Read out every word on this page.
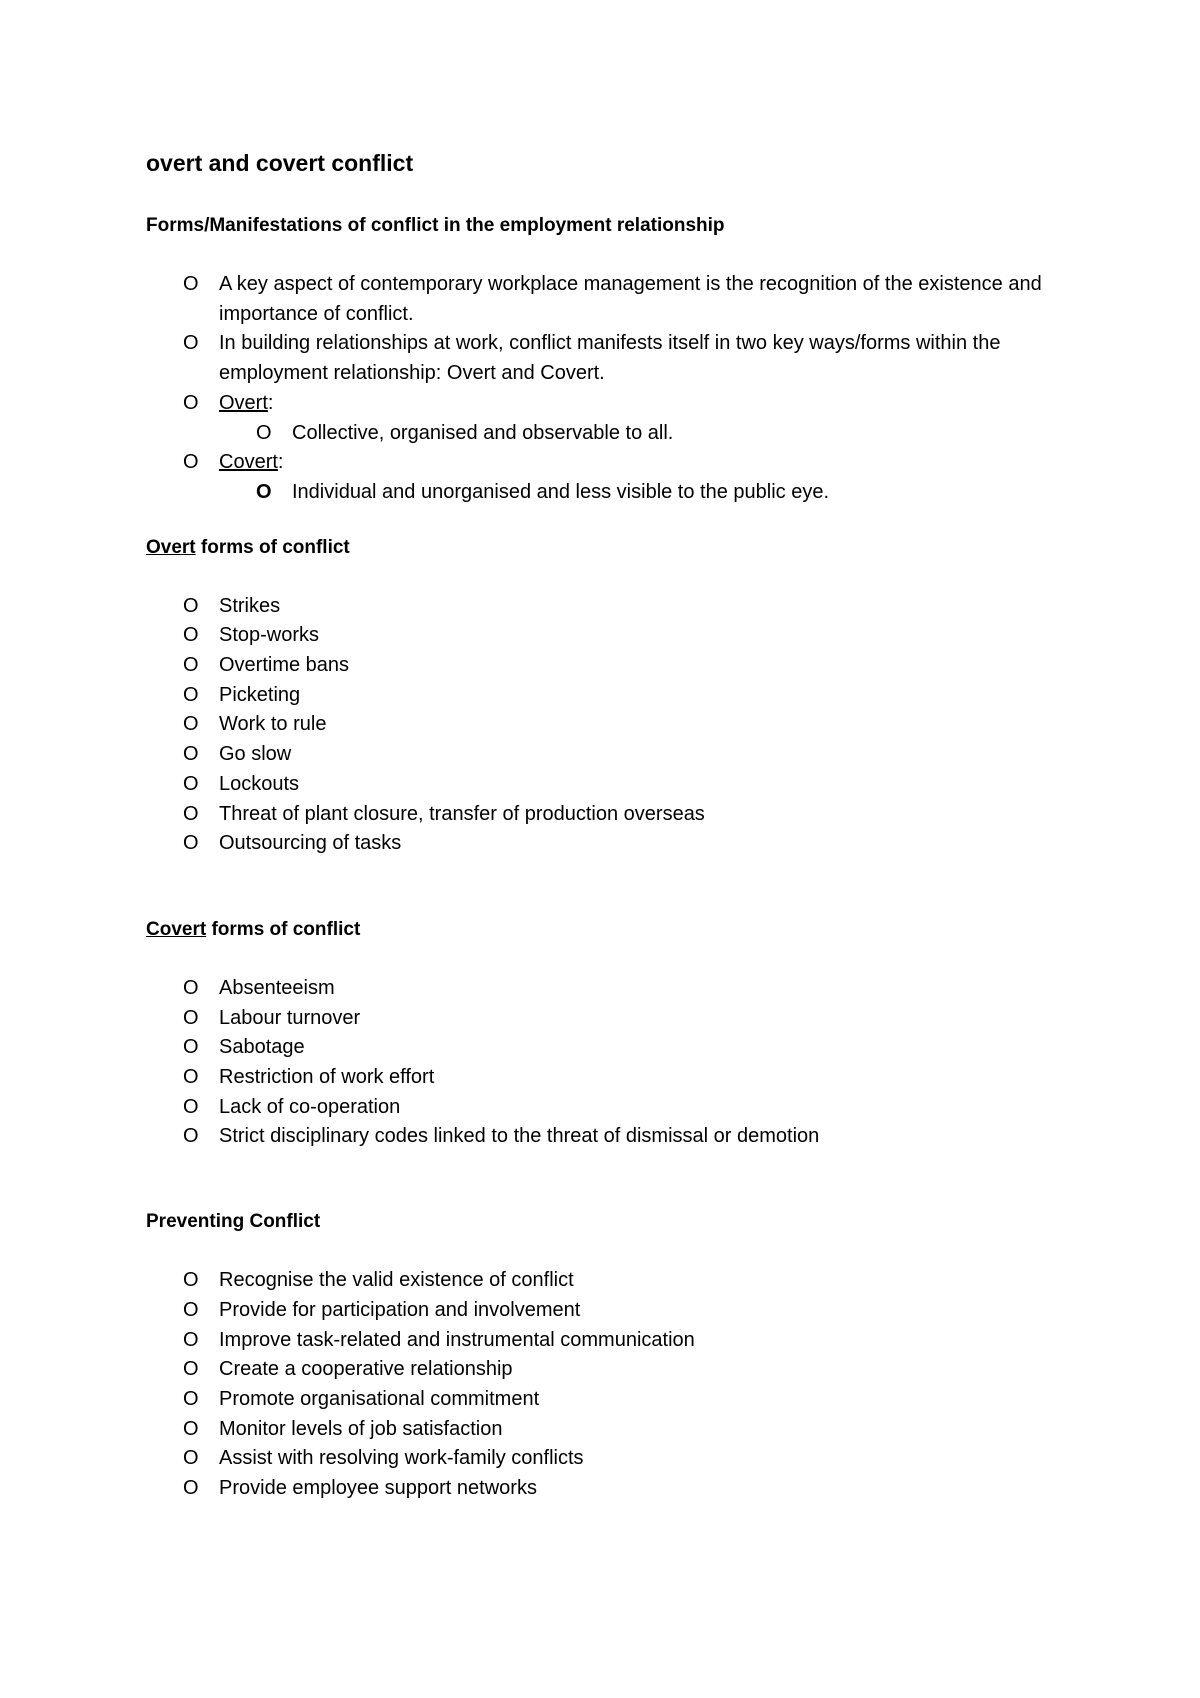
overt and covert conflict
Forms/Manifestations of conflict in the employment relationship
O A key aspect of contemporary workplace management is the recognition of the existence and importance of conflict.
O In building relationships at work, conflict manifests itself in two key ways/forms within the employment relationship: Overt and Covert.
O Overt:
O Collective, organised and observable to all.
O Covert:
O Individual and unorganised and less visible to the public eye.
Overt forms of conflict
O Strikes
O Stop-works
O Overtime bans
O Picketing
O Work to rule
O Go slow
O Lockouts
O Threat of plant closure, transfer of production overseas
O Outsourcing of tasks
Covert forms of conflict
O Absenteeism
O Labour turnover
O Sabotage
O Restriction of work effort
O Lack of co-operation
O Strict disciplinary codes linked to the threat of dismissal or demotion
Preventing Conflict
O Recognise the valid existence of conflict
O Provide for participation and involvement
O Improve task-related and instrumental communication
O Create a cooperative relationship
O Promote organisational commitment
O Monitor levels of job satisfaction
O Assist with resolving work-family conflicts
O Provide employee support networks
